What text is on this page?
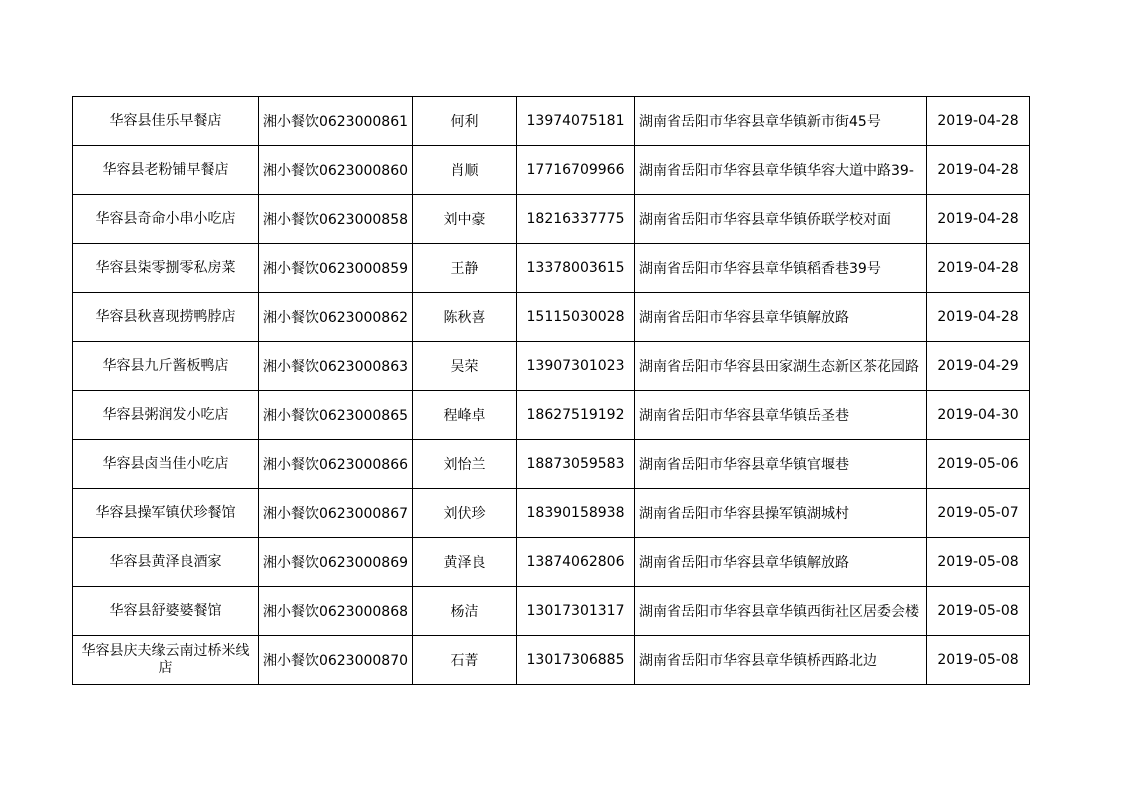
华容县佳乐早餐店	湘小餐饮0623000861	何利	13974075181	湖南省岳阳市华容县章华镇新市街45号	2019-04-28
华容县老粉铺早餐店	湘小餐饮0623000860	肖顺	17716709966	湖南省岳阳市华容县章华镇华容大道中路39-	2019-04-28
华容县奇命小串小吃店	湘小餐饮0623000858	刘中豪	18216337775	湖南省岳阳市华容县章华镇侨联学校对面	2019-04-28
华容县柒零捌零私房菜	湘小餐饮0623000859	王静	13378003615	湖南省岳阳市华容县章华镇稻香巷39号	2019-04-28
华容县秋喜现捞鸭脖店	湘小餐饮0623000862	陈秋喜	15115030028	湖南省岳阳市华容县章华镇解放路	2019-04-28
华容县九斤酱板鸭店	湘小餐饮0623000863	吴荣	13907301023	湖南省岳阳市华容县田家湖生态新区茶花园路	2019-04-29
华容县粥润发小吃店	湘小餐饮0623000865	程峰卓	18627519192	湖南省岳阳市华容县章华镇岳圣巷	2019-04-30
华容县卤当佳小吃店	湘小餐饮0623000866	刘怡兰	18873059583	湖南省岳阳市华容县章华镇官堰巷	2019-05-06
华容县操军镇伏珍餐馆	湘小餐饮0623000867	刘伏珍	18390158938	湖南省岳阳市华容县操军镇湖城村	2019-05-07
华容县黄泽良酒家	湘小餐饮0623000869	黄泽良	13874062806	湖南省岳阳市华容县章华镇解放路	2019-05-08
华容县舒婆婆餐馆	湘小餐饮0623000868	杨洁	13017301317	湖南省岳阳市华容县章华镇西街社区居委会楼	2019-05-08
华容县庆夫缘云南过桥米线店	湘小餐饮0623000870	石菁	13017306885	湖南省岳阳市华容县章华镇桥西路北边	2019-05-08
